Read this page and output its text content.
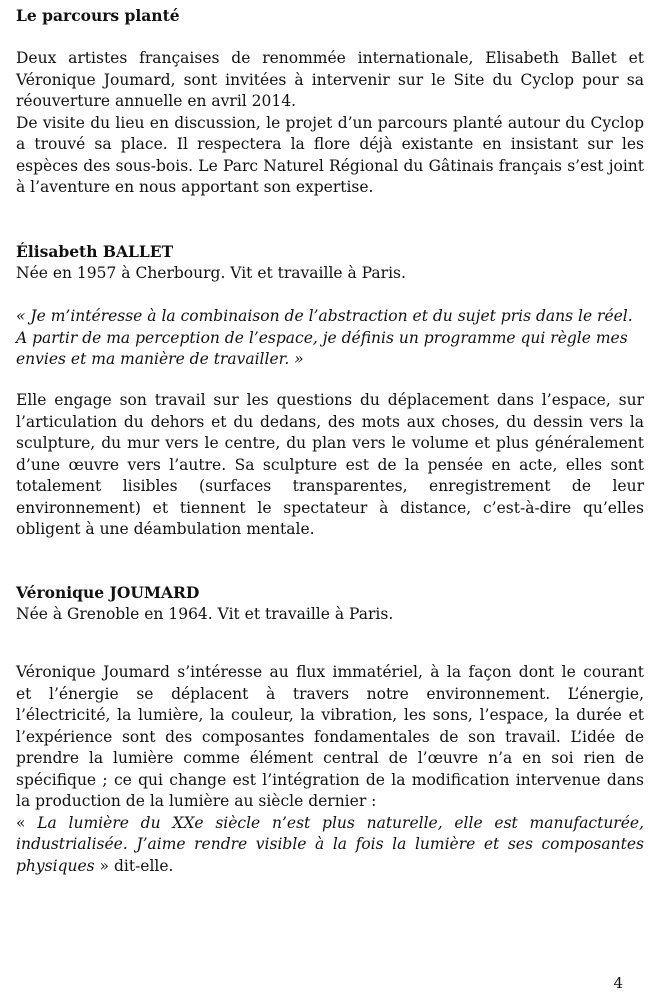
Le parcours planté
Deux artistes françaises de renommée internationale, Elisabeth Ballet et
Véronique Joumard, sont invitées à intervenir sur le Site du Cyclop pour sa
réouverture annuelle en avril 2014.
De visite du lieu en discussion, le projet d’un parcours planté autour du Cyclop
a trouvé sa place. Il respectera la flore déjà existante en insistant sur les
espèces des sous-bois. Le Parc Naturel Régional du Gâtinais français s’est joint
à l’aventure en nous apportant son expertise.
Élisabeth BALLET
Née en 1957 à Cherbourg. Vit et travaille à Paris.
« Je m’intéresse à la combinaison de l’abstraction et du sujet pris dans le réel.
A partir de ma perception de l’espace, je définis un programme qui règle mes
envies et ma manière de travailler. »
Elle engage son travail sur les questions du déplacement dans l’espace, sur
l’articulation du dehors et du dedans, des mots aux choses, du dessin vers la
sculpture, du mur vers le centre, du plan vers le volume et plus généralement
d’une œuvre vers l’autre. Sa sculpture est de la pensée en acte, elles sont
totalement lisibles (surfaces transparentes, enregistrement de leur
environnement) et tiennent le spectateur à distance, c’est-à-dire qu’elles
obligent à une déambulation mentale.
Véronique JOUMARD
Née à Grenoble en 1964. Vit et travaille à Paris.
Véronique Joumard s’intéresse au flux immatériel, à la façon dont le courant
et l’énergie se déplacent à travers notre environnement. L’énergie,
l’électricité, la lumière, la couleur, la vibration, les sons, l’espace, la durée et
l’expérience sont des composantes fondamentales de son travail. L’idée de
prendre la lumière comme élément central de l’œuvre n’a en soi rien de
spécifique ; ce qui change est l’intégration de la modification intervenue dans
la production de la lumière au siècle dernier :
« La lumière du XXe siècle n’est plus naturelle, elle est manufacturée,
industrialisée. J’aime rendre visible à la fois la lumière et ses composantes
physiques » dit-elle.
4
